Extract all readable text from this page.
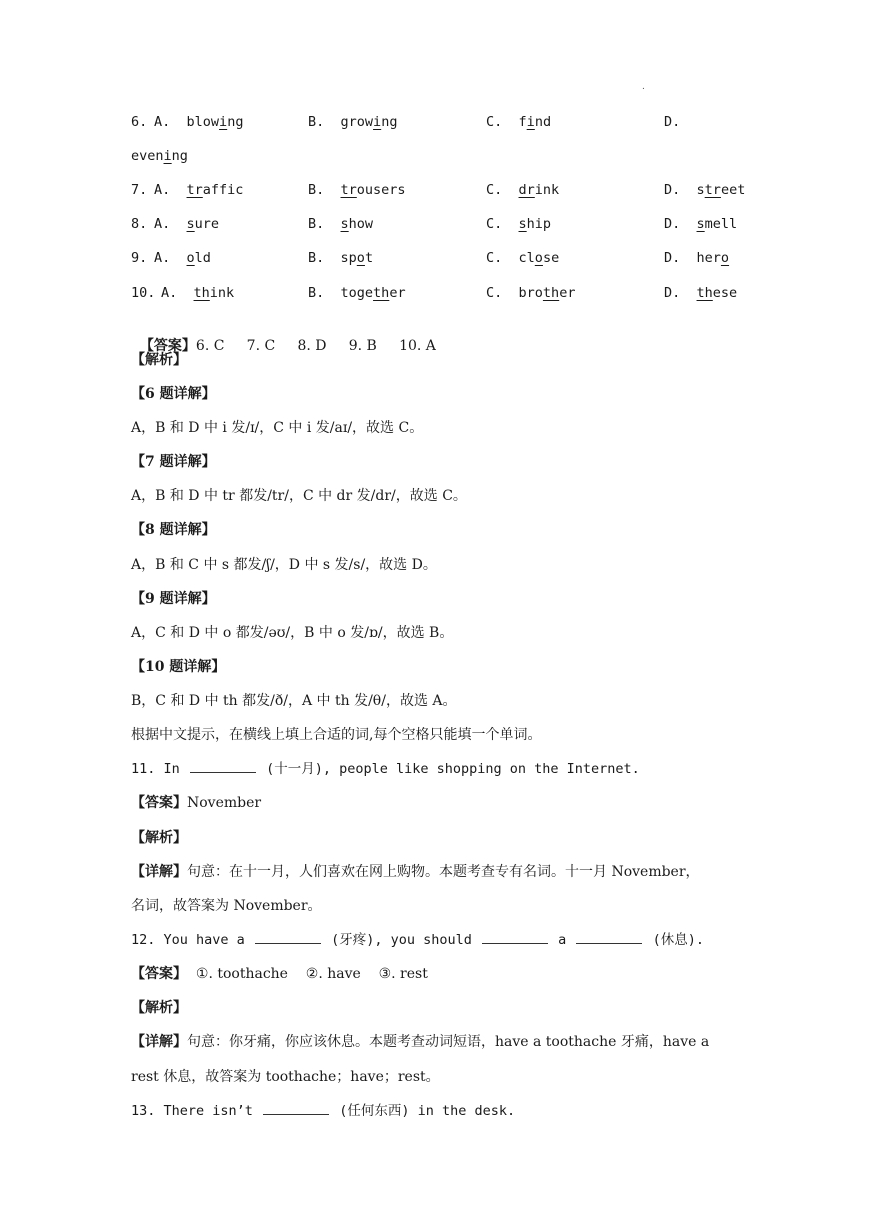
.
6. A. blowing	B. growing	C. find	D.
evening
7. A. traffic	B. trousers	C. drink	D. street
8. A. sure	B. show	C. ship	D. smell
9. A. old	B. spot	C. close	D. hero
10. A. think	B. together	C. brother	D. these

【答案】6. C     7. C     8. D     9. B     10. A

【解析】
【6 题详解】
A，B 和 D 中 i 发/ɪ/，C 中 i 发/aɪ/，故选 C。
【7 题详解】
A，B 和 D 中 tr 都发/tr/，C 中 dr 发/dr/，故选 C。
【8 题详解】
A，B 和 C 中 s 都发/ʃ/，D 中 s 发/s/，故选 D。
【9 题详解】
A，C 和 D 中 o 都发/əʊ/，B 中 o 发/ɒ/，故选 B。
【10 题详解】
B，C 和 D 中 th 都发/ð/，A 中 th 发/θ/，故选 A。
根据中文提示，在横线上填上合适的词,每个空格只能填一个单词。
11. In	(十一月), people like shopping on the Internet.
【答案】November
【解析】
【详解】句意：在十一月，人们喜欢在网上购物。本题考查专有名词。十一月 November，
名词，故答案为 November。
12. You have a	(牙疼), you should	a	(休息).
【答案】  ①. toothache    ②. have    ③. rest
【解析】
【详解】句意：你牙痛，你应该休息。本题考查动词短语，have a toothache 牙痛，have a
rest 休息，故答案为 toothache；have；rest。
13. There isn’t	(任何东西) in the desk.
